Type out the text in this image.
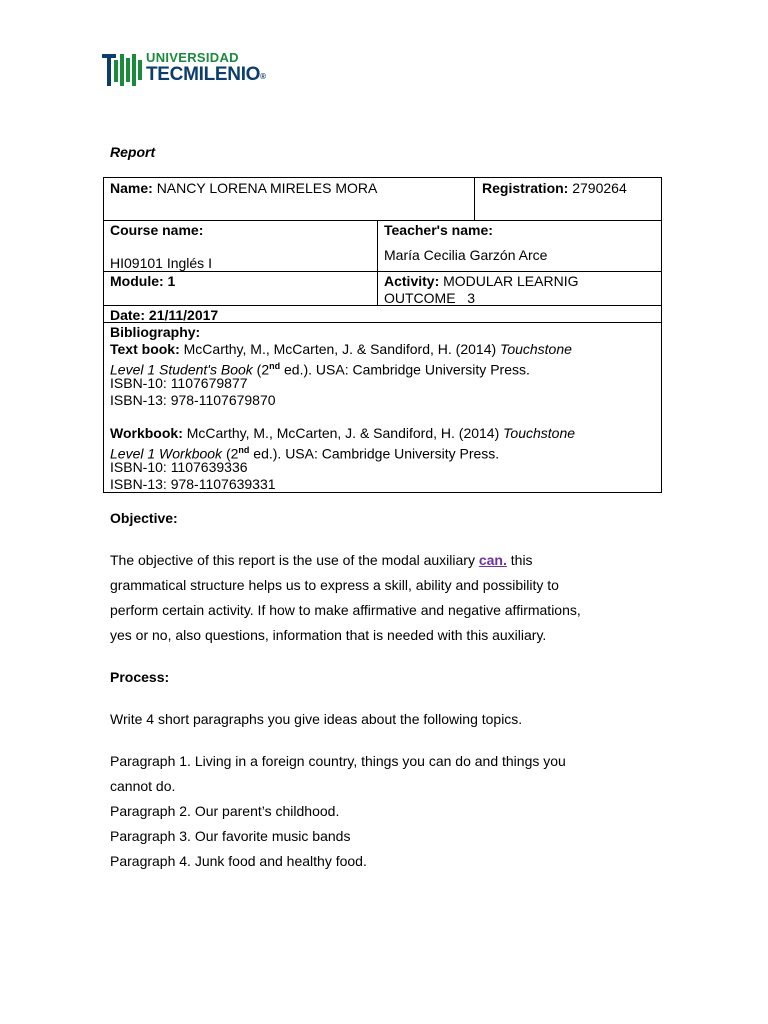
UNIVERSIDAD
TECMILENIO®
Report
Name: NANCY LORENA MIRELES MORA	Registration: 2790264
Course name:
HI09101 Inglés I
Teacher's name:
María Cecilia Garzón Arce
Module: 1	Activity: MODULAR LEARNIG
OUTCOME   3
Date: 21/11/2017
Bibliography:
Text book: McCarthy, M., McCarten, J. & Sandiford, H. (2014) Touchstone
Level 1 Student's Book (2nd ed.). USA: Cambridge University Press.
ISBN-10: 1107679877
ISBN-13: 978-1107679870
Workbook: McCarthy, M., McCarten, J. & Sandiford, H. (2014) Touchstone
Level 1 Workbook (2nd ed.). USA: Cambridge University Press.
ISBN-10: 1107639336
ISBN-13: 978-1107639331
Objective:
The objective of this report is the use of the modal auxiliary can. this
grammatical structure helps us to express a skill, ability and possibility to
perform certain activity. If how to make affirmative and negative affirmations,
yes or no, also questions, information that is needed with this auxiliary.
Process:
Write 4 short paragraphs you give ideas about the following topics.
Paragraph 1. Living in a foreign country, things you can do and things you
cannot do.
Paragraph 2. Our parent’s childhood.
Paragraph 3. Our favorite music bands
Paragraph 4. Junk food and healthy food.
